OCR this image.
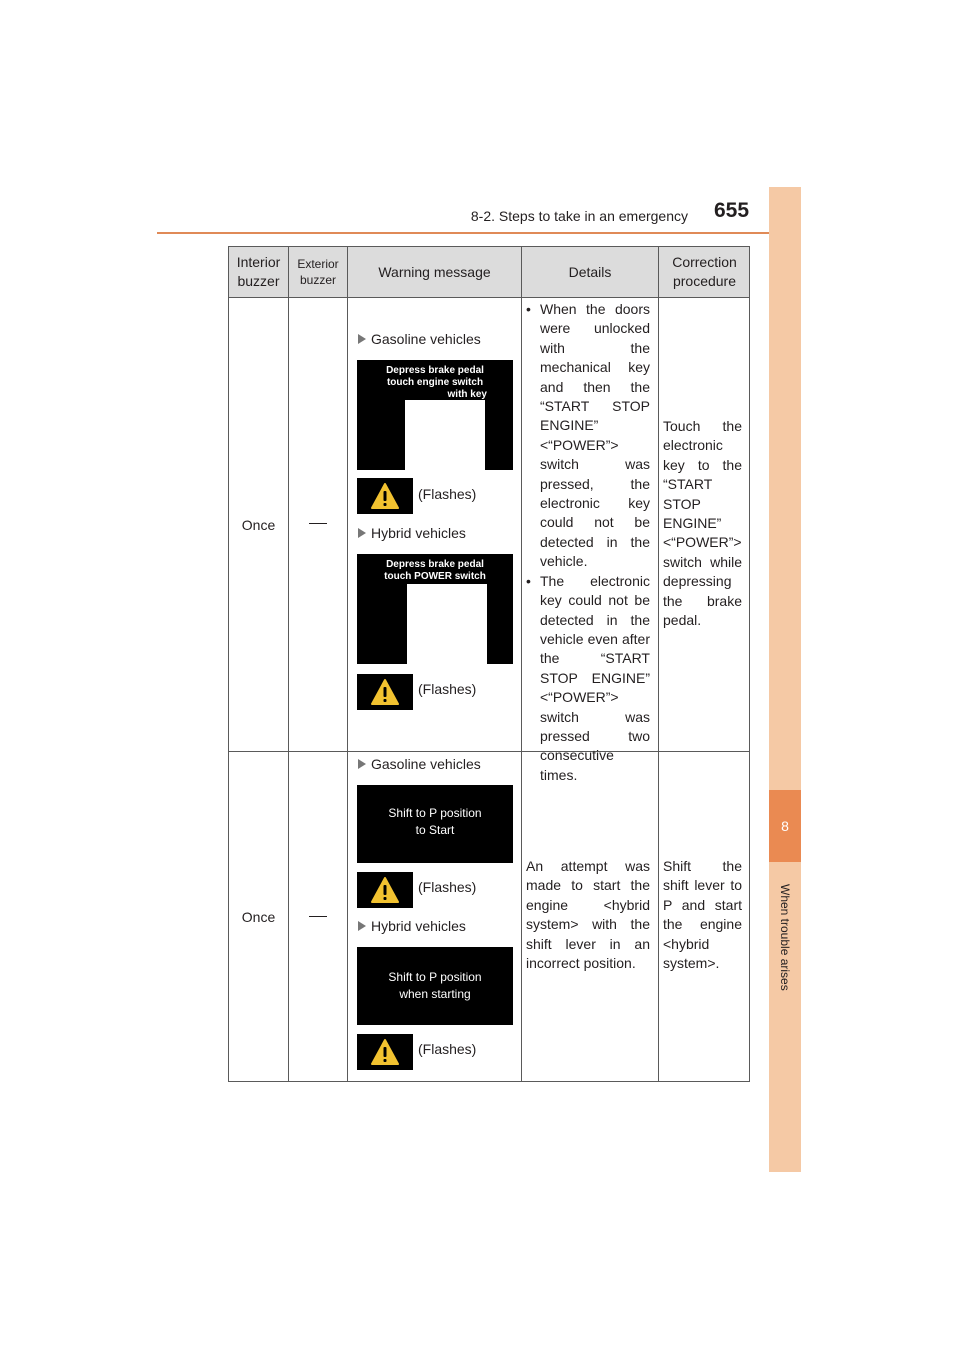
8-2. Steps to take in an emergency 655
8
When trouble arises
Interior buzzer
Exterior buzzer
Warning message	Details
Correction procedure
Once
Gasoline vehicles
Depress brake pedal
touch engine switch
with key
(Flashes)
Hybrid vehicles
Depress brake pedal
touch POWER switch
(Flashes)
• When the doors were unlocked with the mechanical key and then the “START STOP ENGINE” <“POWER”> switch was pressed, the electronic key could not be detected in the vehicle.
• The electronic key could not be detected in the vehicle even after the “START STOP ENGINE” <“POWER”> switch was pressed two consecutive times.
Touch the electronic key to the “START STOP ENGINE” <“POWER”> switch while depressing the brake pedal.
Once
Gasoline vehicles
Shift to P position
to Start
(Flashes)
Hybrid vehicles
Shift to P position
when starting
(Flashes)
An attempt was made to start the engine <hybrid system> with the shift lever in an incorrect position.
Shift the shift lever to P and start the engine <hybrid system>.
